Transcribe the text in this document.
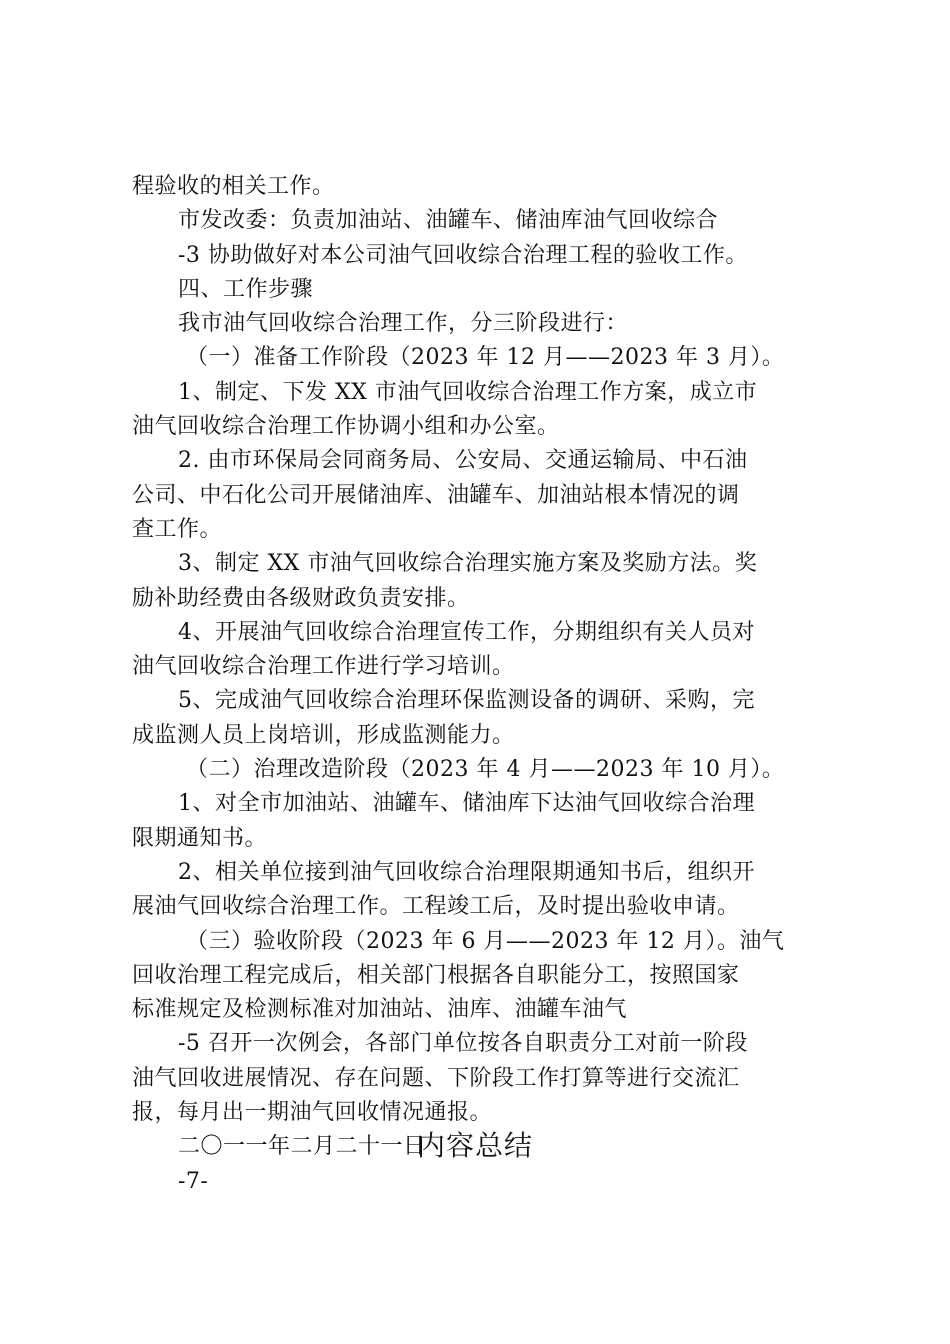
程验收的相关工作。
市发改委：负责加油站、油罐车、储油库油气回收综合
-3 协助做好对本公司油气回收综合治理工程的验收工作。
四、工作步骤
我市油气回收综合治理工作，分三阶段进行：
（一）准备工作阶段（2023 年 12 月——2023 年 3 月）。
1、制定、下发 XX 市油气回收综合治理工作方案，成立市
油气回收综合治理工作协调小组和办公室。
2. 由市环保局会同商务局、公安局、交通运输局、中石油
公司、中石化公司开展储油库、油罐车、加油站根本情况的调
查工作。
3、制定 XX 市油气回收综合治理实施方案及奖励方法。奖
励补助经费由各级财政负责安排。
4、开展油气回收综合治理宣传工作，分期组织有关人员对
油气回收综合治理工作进行学习培训。
5、完成油气回收综合治理环保监测设备的调研、采购，完
成监测人员上岗培训，形成监测能力。
（二）治理改造阶段（2023 年 4 月——2023 年 10 月）。
1、对全市加油站、油罐车、储油库下达油气回收综合治理
限期通知书。
2、相关单位接到油气回收综合治理限期通知书后，组织开
展油气回收综合治理工作。工程竣工后，及时提出验收申请。
（三）验收阶段（2023 年 6 月——2023 年 12 月）。油气
回收治理工程完成后，相关部门根据各自职能分工，按照国家
标准规定及检测标准对加油站、油库、油罐车油气
-5 召开一次例会，各部门单位按各自职责分工对前一阶段
油气回收进展情况、存在问题、下阶段工作打算等进行交流汇
报，每月出一期油气回收情况通报。
二〇一一年二月二十一日
-7-
内容总结
